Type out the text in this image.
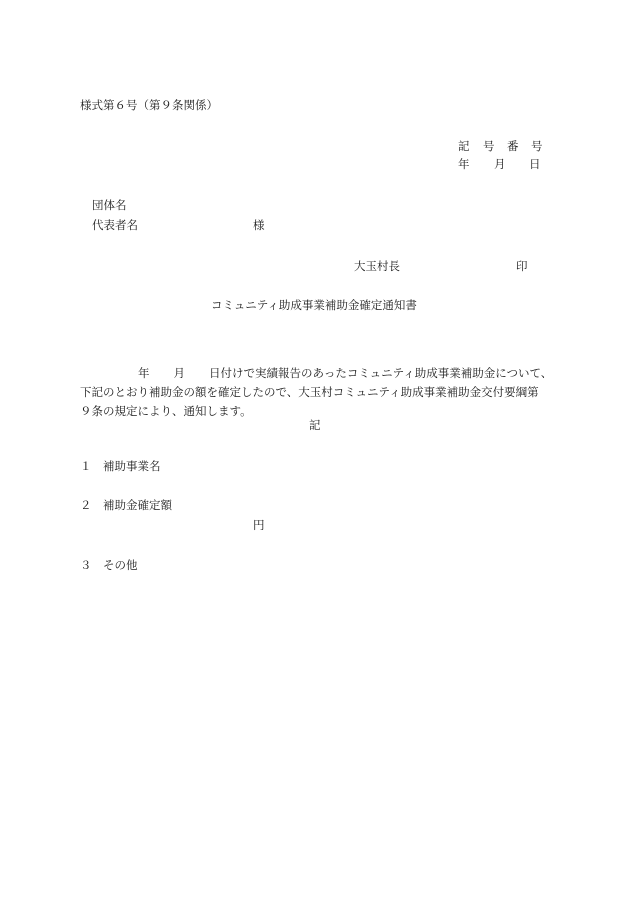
様式第６号（第９条関係）

記 号 番 号

年 月 日

団体名

代表者名	様

大玉村長	印

コミュニティ助成事業補助金確定通知書

年 月 日付けで実績報告のあったコミュニティ助成事業補助金について、
下記のとおり補助金の額を確定したので、大玉村コミュニティ助成事業補助金交付要綱第
９条の規定により、通知します。

記

１ 補助事業名

２ 補助金確定額

円

３ その他
